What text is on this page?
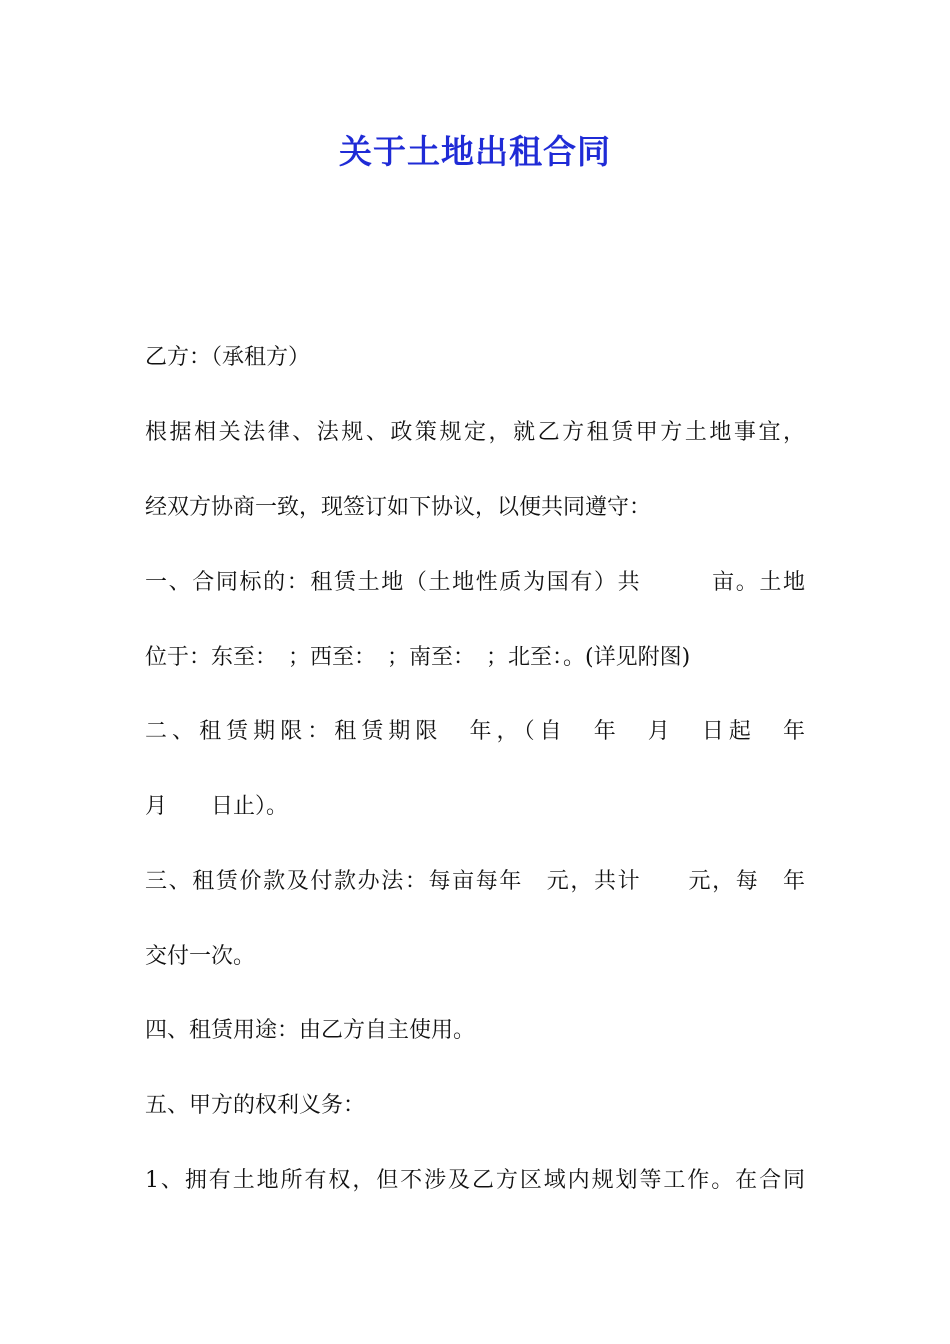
关于土地出租合同
乙方：（承租方）
根据相关法律、法规、政策规定，就乙方租赁甲方土地事宜，
经双方协商一致，现签订如下协议，以便共同遵守：
一、合同标的：租赁土地（土地性质为国有）共　　　亩。土地
位于：东至：　；西至：　；南至：　；北至：。(详见附图)
二、租赁期限：租赁期限　年，（自　年　月　日起　年
月　　日止）。
三、租赁价款及付款办法：每亩每年　元，共计　　元，每　年
交付一次。
四、租赁用途：由乙方自主使用。
五、甲方的权利义务：
1、拥有土地所有权，但不涉及乙方区域内规划等工作。在合同
